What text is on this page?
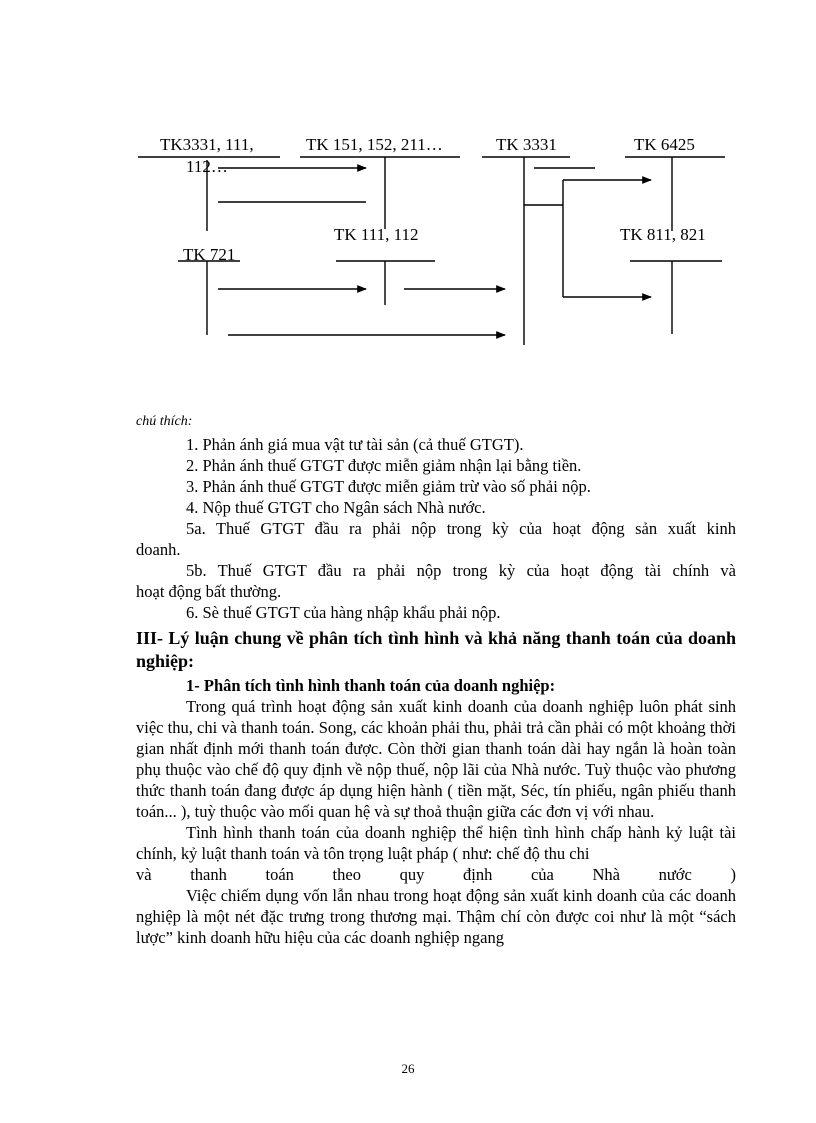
TK3331, 111,
112…
TK 151, 152, 211…	TK 3331	TK 6425
TK 111, 112	TK 811, 821
TK 721

chú thích:

1. Phản ánh giá mua vật tư tài sản (cả thuế GTGT).

2. Phản ánh thuế GTGT được miễn giảm nhận lại bằng tiền.

3. Phản ánh thuế GTGT được miễn giảm trừ vào số phải nộp.

4. Nộp thuế GTGT cho Ngân sách Nhà nước.

5a. Thuế GTGT đầu ra phải nộp trong kỳ của hoạt động sản xuất kinh

doanh.

5b. Thuế GTGT đầu ra phải nộp trong kỳ của hoạt động tài chính và

hoạt động bất thường.

6. Sè thuế GTGT của hàng nhập khẩu phải nộp.

III- Lý luận chung về phân tích tình hình và khả năng thanh toán của doanh nghiệp:

1- Phân tích tình hình thanh toán của doanh nghiệp:

Trong quá trình hoạt động sản xuất kinh doanh của doanh nghiệp luôn phát sinh việc thu, chi và thanh toán. Song, các khoản phải thu, phải trả cần phải có một khoảng thời gian nhất định mới thanh toán được. Còn thời gian thanh toán dài hay ngắn là hoàn toàn phụ thuộc vào chế độ quy định về nộp thuế, nộp lãi của Nhà nước. Tuỳ thuộc vào phương thức thanh toán đang được áp dụng hiện hành ( tiền mặt, Séc, tín phiếu, ngân phiếu thanh toán... ), tuỳ thuộc vào mối quan hệ và sự thoả thuận giữa các đơn vị với nhau.

Tình hình thanh toán của doanh nghiệp thể hiện tình hình chấp hành kỷ luật tài chính, kỷ luật thanh toán và tôn trọng luật pháp ( như: chế độ thu chi

và thanh toán theo quy định của Nhà nước )

Việc chiếm dụng vốn lẫn nhau trong hoạt động sản xuất kinh doanh của các doanh nghiệp là một nét đặc trưng trong thương mại. Thậm chí còn được coi như là một “sách lược” kinh doanh hữu hiệu của các doanh nghiệp ngang

26
